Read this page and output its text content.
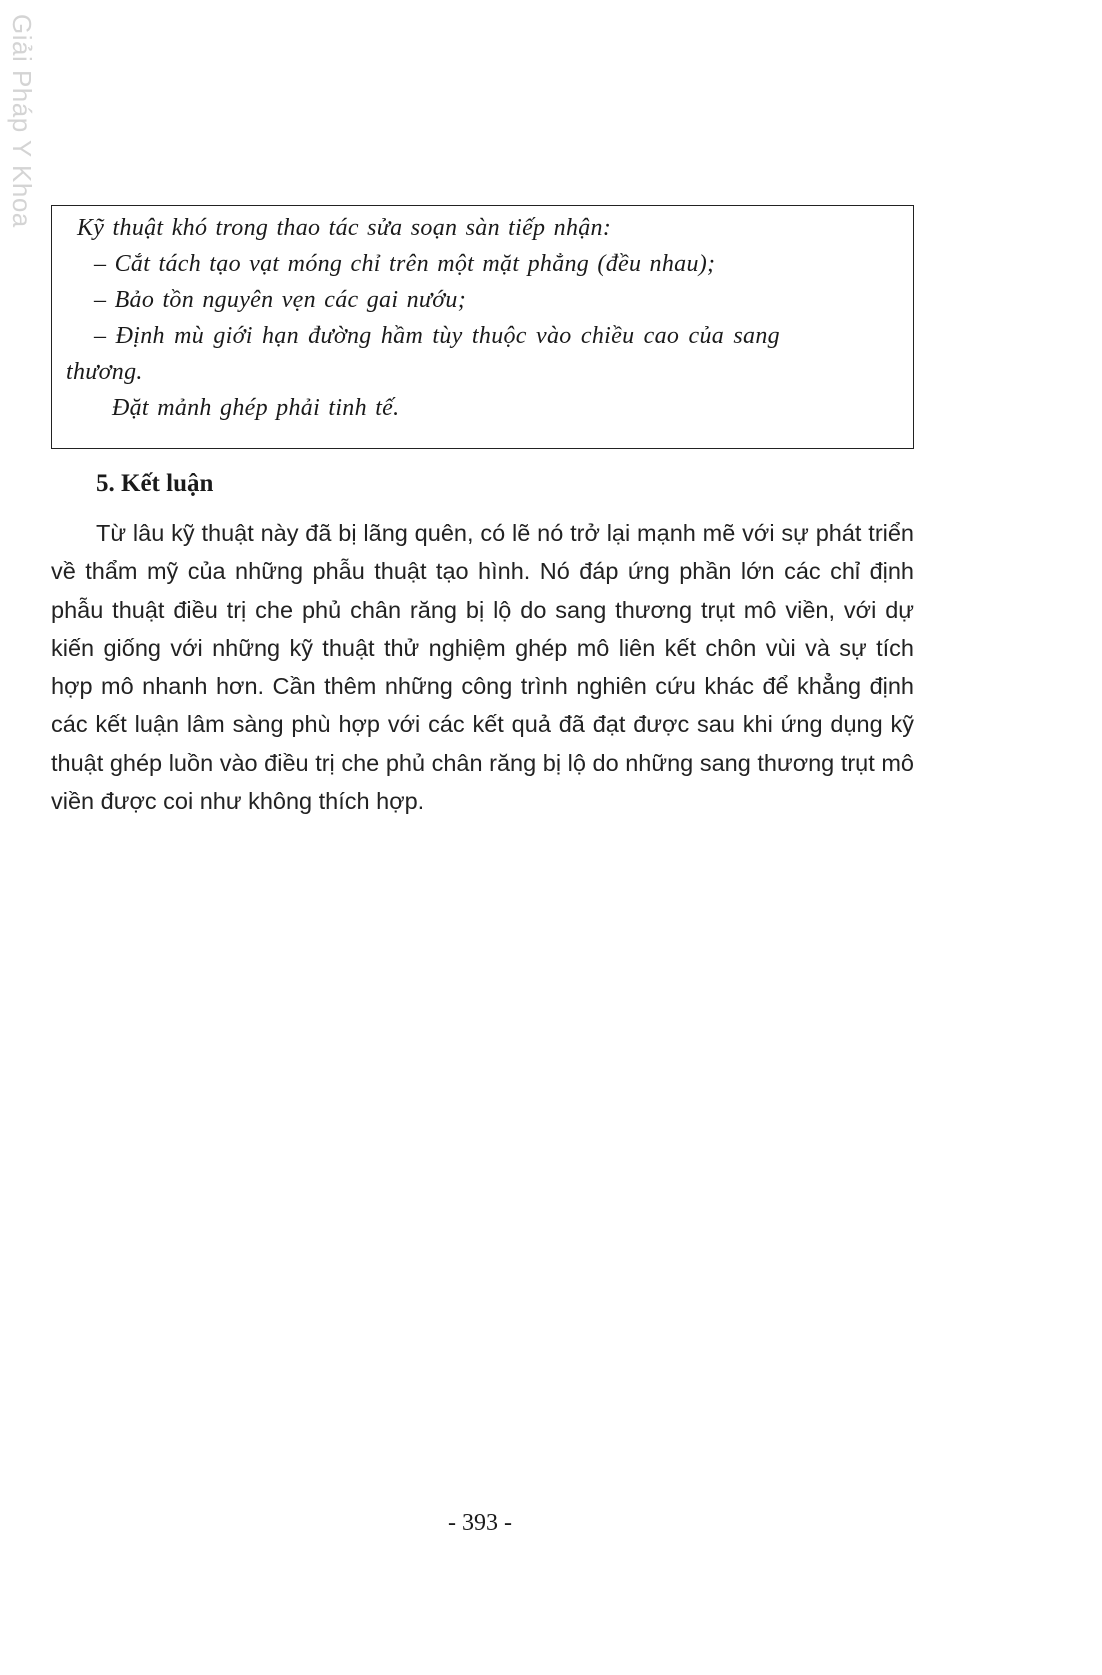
Giải Pháp Y Khoa

Kỹ thuật khó trong thao tác sửa soạn sàn tiếp nhận:

– Cắt tách tạo vạt móng chỉ trên một mặt phẳng (đều nhau);

– Bảo tồn nguyên vẹn các gai nướu;

– Định mù giới hạn đường hầm tùy thuộc vào chiều cao của sang

thương.

Đặt mảnh ghép phải tinh tế.

5. Kết luận

Từ lâu kỹ thuật này đã bị lãng quên, có lẽ nó trở lại mạnh mẽ với sự phát triển về thẩm mỹ của những phẫu thuật tạo hình. Nó đáp ứng phần lớn các chỉ định phẫu thuật điều trị che phủ chân răng bị lộ do sang thương trụt mô viền, với dự kiến giống với những kỹ thuật thử nghiệm ghép mô liên kết chôn vùi và sự tích hợp mô nhanh hơn. Cần thêm những công trình nghiên cứu khác để khẳng định các kết luận lâm sàng phù hợp với các kết quả đã đạt được sau khi ứng dụng kỹ thuật ghép luồn vào điều trị che phủ chân răng bị lộ do những sang thương trụt mô viền được coi như không thích hợp.

- 393 -
